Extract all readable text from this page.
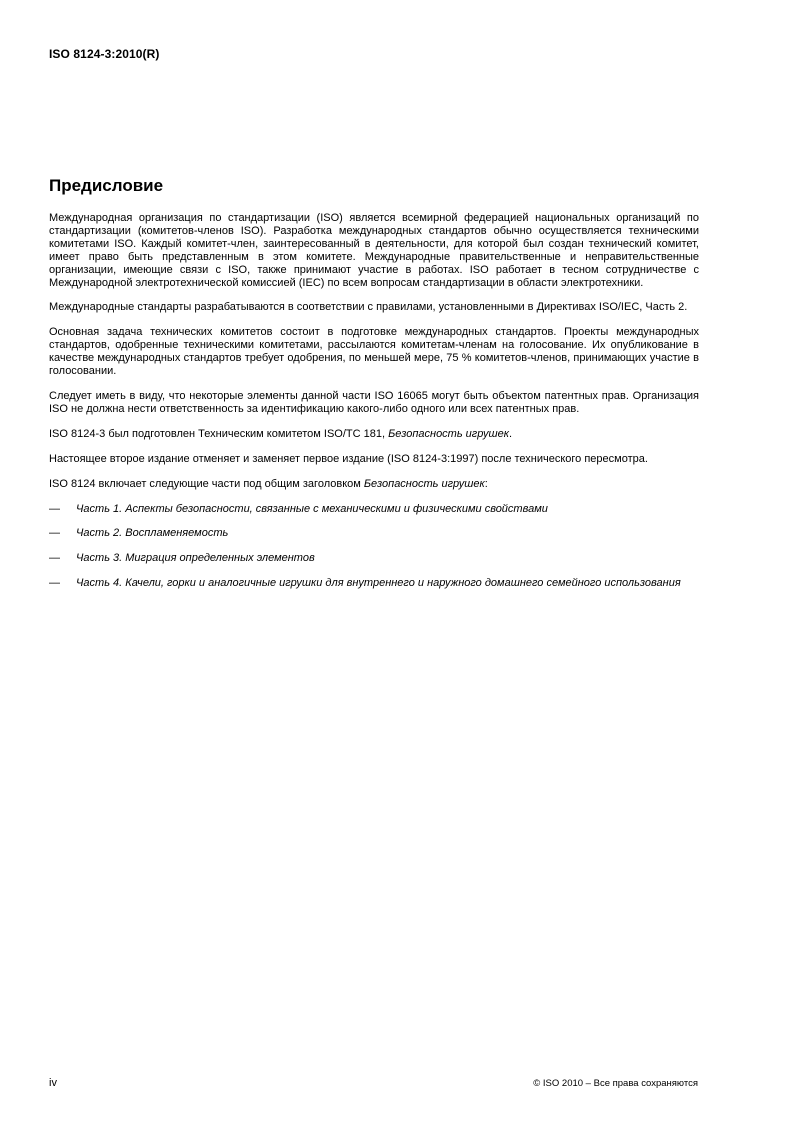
ISO 8124-3:2010(R)
Предисловие

Международная организация по стандартизации (ISO) является всемирной федерацией национальных организаций по стандартизации (комитетов-членов ISO). Разработка международных стандартов обычно осуществляется техническими комитетами ISO. Каждый комитет-член, заинтересованный в деятельности, для которой был создан технический комитет, имеет право быть представленным в этом комитете. Международные правительственные и неправительственные организации, имеющие связи с ISO, также принимают участие в работах. ISO работает в тесном сотрудничестве с Международной электротехнической комиссией (IEC) по всем вопросам стандартизации в области электротехники.

Международные стандарты разрабатываются в соответствии с правилами, установленными в Директивах ISO/IEC, Часть 2.

Основная задача технических комитетов состоит в подготовке международных стандартов. Проекты международных стандартов, одобренные техническими комитетами, рассылаются комитетам-членам на голосование. Их опубликование в качестве международных стандартов требует одобрения, по меньшей мере, 75 % комитетов-членов, принимающих участие в голосовании.

Следует иметь в виду, что некоторые элементы данной части ISO 16065 могут быть объектом патентных прав. Организация ISO не должна нести ответственность за идентификацию какого-либо одного или всех патентных прав.

ISO 8124-3 был подготовлен Техническим комитетом ISO/TC 181, Безопасность игрушек.

Настоящее второе издание отменяет и заменяет первое издание (ISO 8124-3:1997) после технического пересмотра.

ISO 8124 включает следующие части под общим заголовком Безопасность игрушек:

— Часть 1. Аспекты безопасности, связанные с механическими и физическими свойствами
— Часть 2. Воспламеняемость
— Часть 3. Миграция определенных элементов
— Часть 4. Качели, горки и аналогичные игрушки для внутреннего и наружного домашнего семейного использования
iv	© ISO 2010 – Все права сохраняются
